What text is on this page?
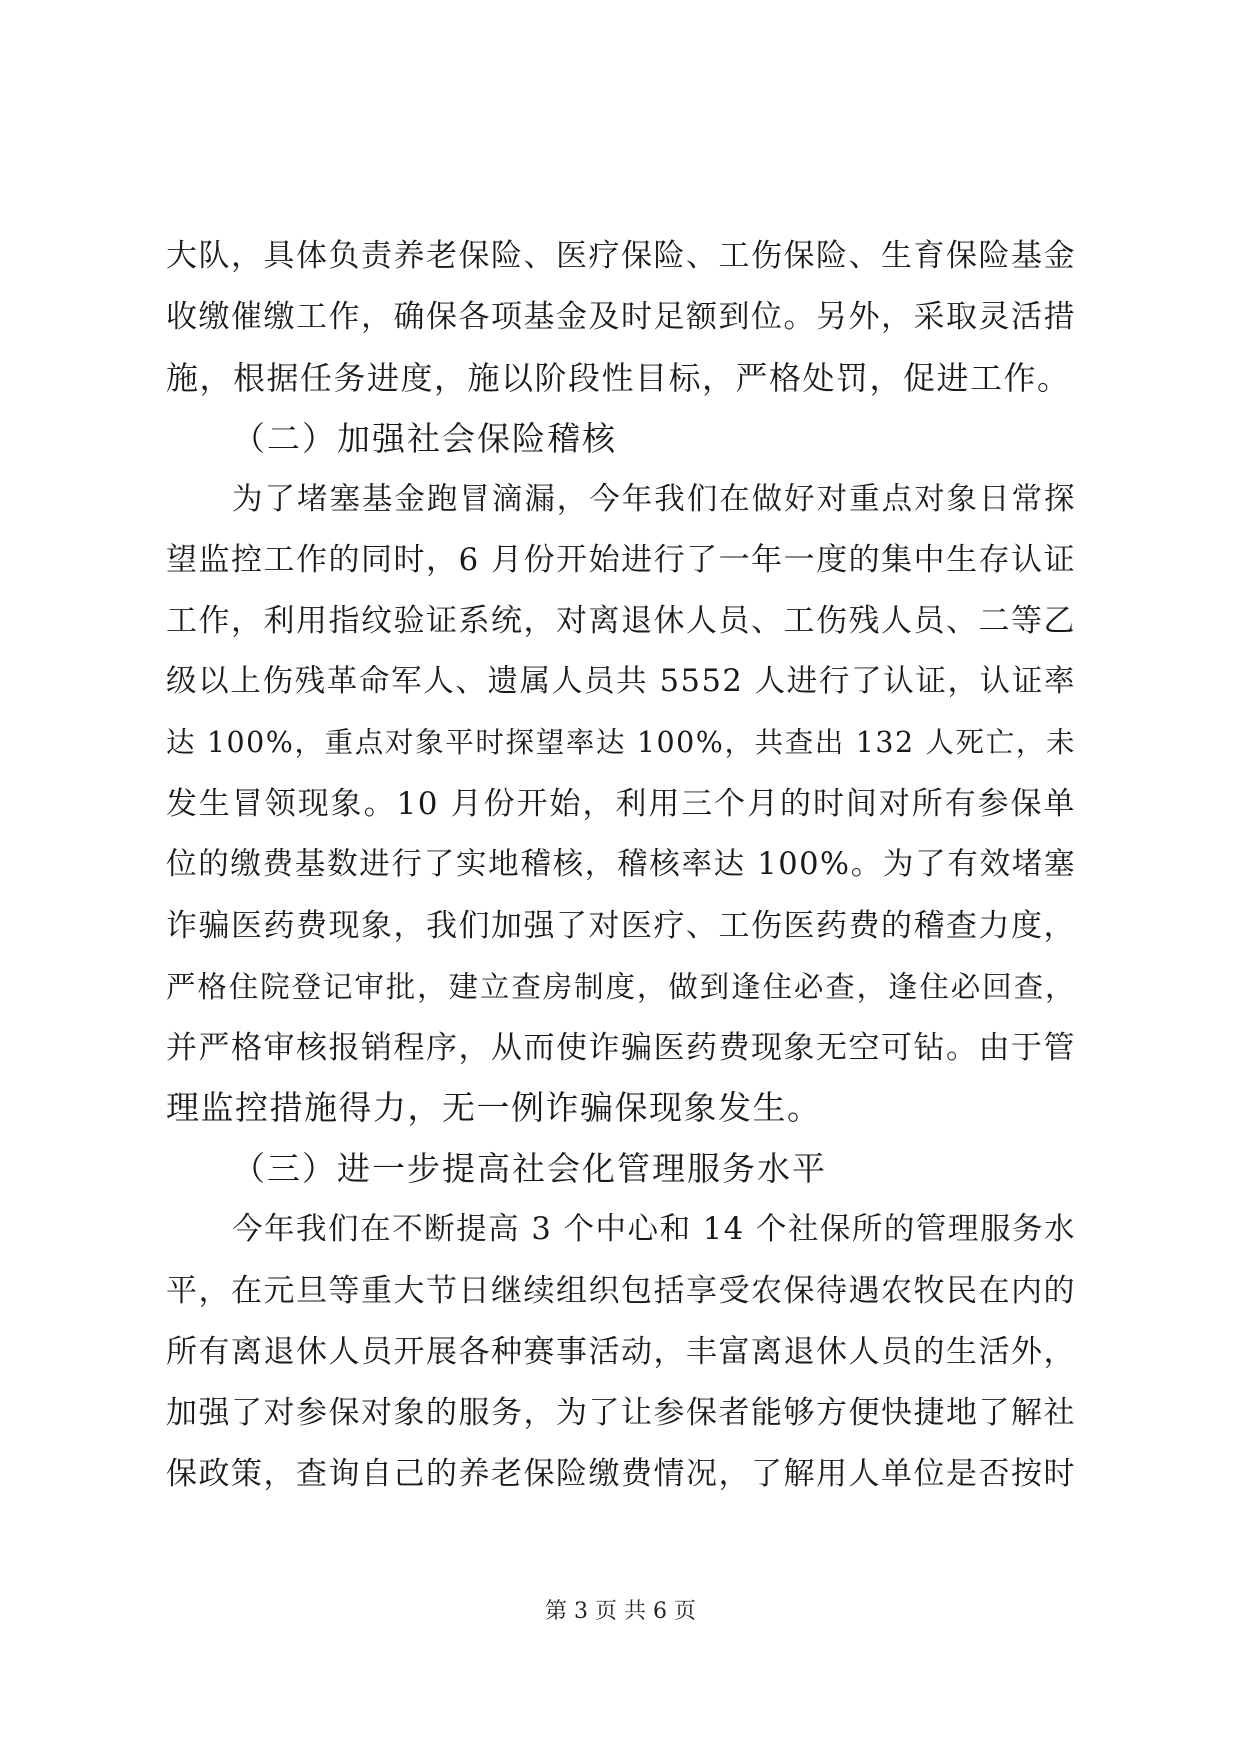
大队，具体负责养老保险、医疗保险、工伤保险、生育保险基金
收缴催缴工作，确保各项基金及时足额到位。另外，采取灵活措
施，根据任务进度，施以阶段性目标，严格处罚，促进工作。
（二）加强社会保险稽核
为了堵塞基金跑冒滴漏，今年我们在做好对重点对象日常探
望监控工作的同时，6 月份开始进行了一年一度的集中生存认证
工作，利用指纹验证系统，对离退休人员、工伤残人员、二等乙
级以上伤残革命军人、遗属人员共 5552 人进行了认证，认证率
达 100%，重点对象平时探望率达 100%，共查出 132 人死亡，未
发生冒领现象。10 月份开始，利用三个月的时间对所有参保单
位的缴费基数进行了实地稽核，稽核率达 100%。为了有效堵塞
诈骗医药费现象，我们加强了对医疗、工伤医药费的稽查力度，
严格住院登记审批，建立查房制度，做到逢住必查，逢住必回查，
并严格审核报销程序，从而使诈骗医药费现象无空可钻。由于管
理监控措施得力，无一例诈骗保现象发生。
（三）进一步提高社会化管理服务水平
今年我们在不断提高 3 个中心和 14 个社保所的管理服务水
平，在元旦等重大节日继续组织包括享受农保待遇农牧民在内的
所有离退休人员开展各种赛事活动，丰富离退休人员的生活外，
加强了对参保对象的服务，为了让参保者能够方便快捷地了解社
保政策，查询自己的养老保险缴费情况，了解用人单位是否按时
第 3 页 共 6 页
